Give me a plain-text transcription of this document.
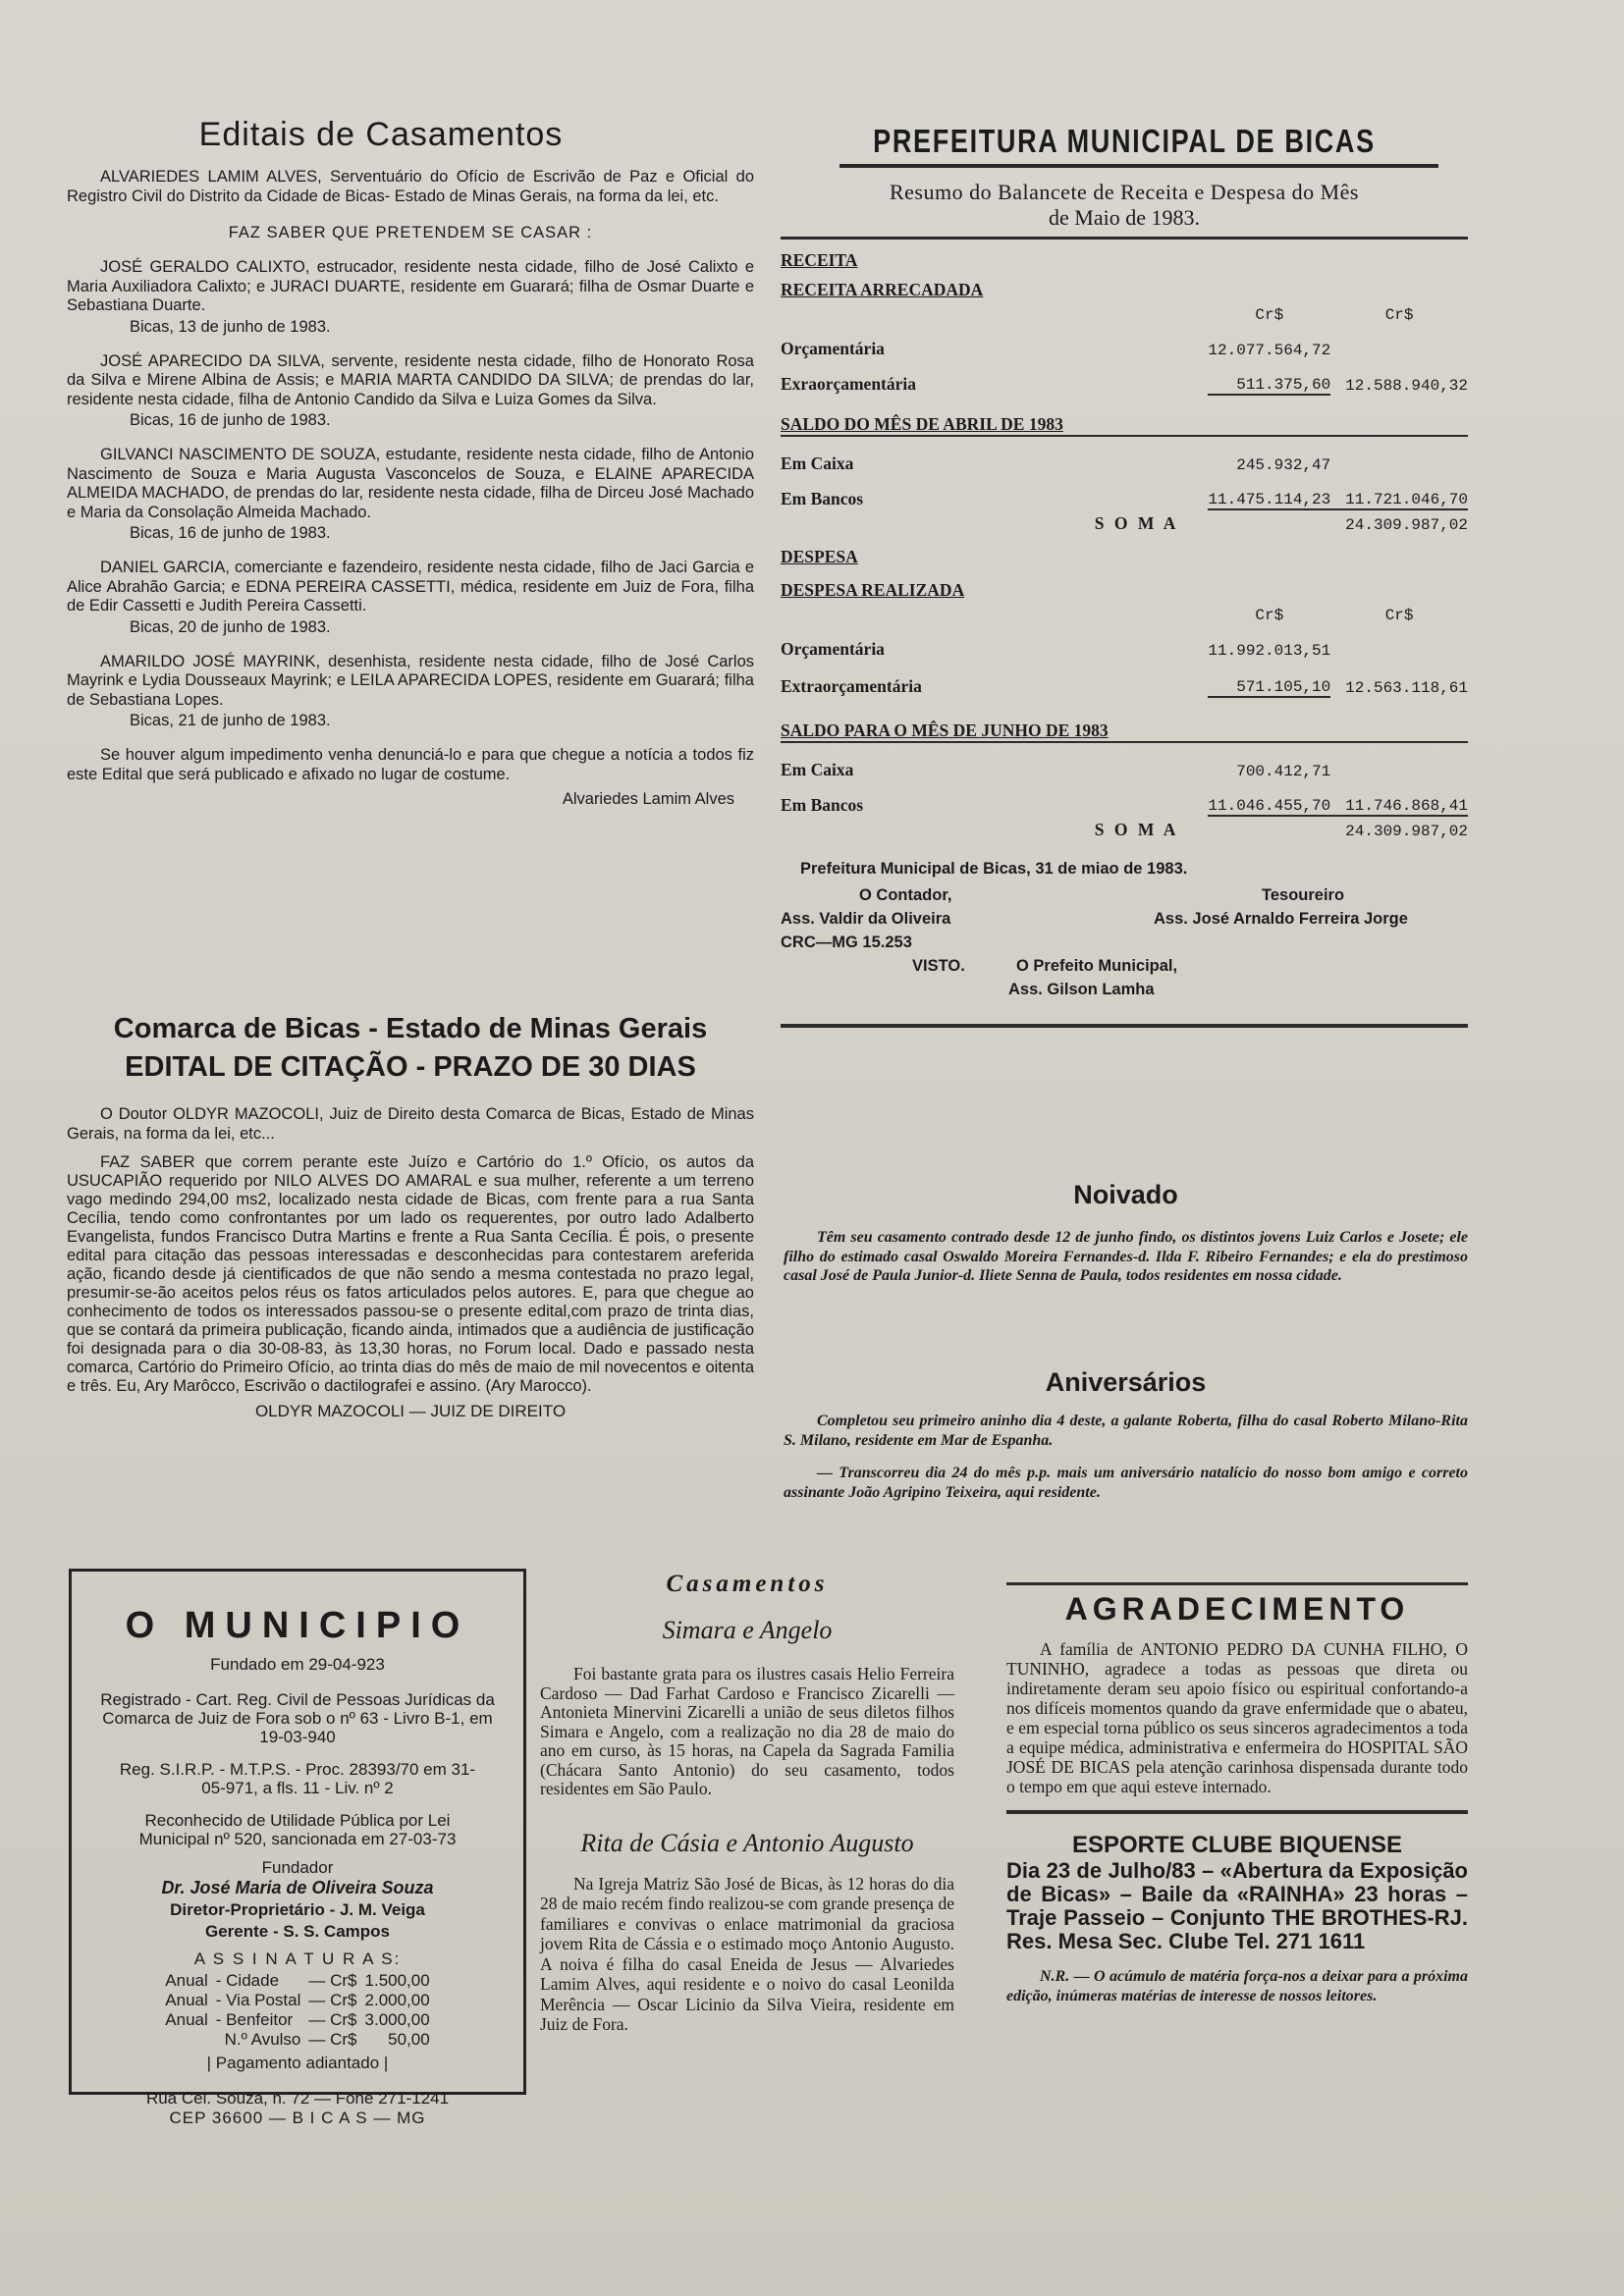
Editais de Casamentos

ALVARIEDES LAMIM ALVES, Serventuário do Ofício de Escrivão de Paz e Oficial do Registro Civil do Distrito da Cidade de Bicas- Estado de Minas Gerais, na forma da lei, etc.

FAZ SABER QUE PRETENDEM SE CASAR :

JOSÉ GERALDO CALIXTO, estrucador, residente nesta cidade, filho de José Calixto e Maria Auxiliadora Calixto; e JURACI DUARTE, residente em Guarará; filha de Osmar Duarte e Sebastiana Duarte.

Bicas, 13 de junho de 1983.

JOSÉ APARECIDO DA SILVA, servente, residente nesta cidade, filho de Honorato Rosa da Silva e Mirene Albina de Assis; e MARIA MARTA CANDIDO DA SILVA; de prendas do lar, residente nesta cidade, filha de Antonio Candido da Silva e Luiza Gomes da Silva.

Bicas, 16 de junho de 1983.

GILVANCI NASCIMENTO DE SOUZA, estudante, residente nesta cidade, filho de Antonio Nascimento de Souza e Maria Augusta Vasconcelos de Souza, e ELAINE APARECIDA ALMEIDA MACHADO, de prendas do lar, residente nesta cidade, filha de Dirceu José Machado e Maria da Consolação Almeida Machado.

Bicas, 16 de junho de 1983.

DANIEL GARCIA, comerciante e fazendeiro, residente nesta cidade, filho de Jaci Garcia e Alice Abrahão Garcia; e EDNA PEREIRA CASSETTI, médica, residente em Juiz de Fora, filha de Edir Cassetti e Judith Pereira Cassetti.

Bicas, 20 de junho de 1983.

AMARILDO JOSÉ MAYRINK, desenhista, residente nesta cidade, filho de José Carlos Mayrink e Lydia Dousseaux Mayrink; e LEILA APARECIDA LOPES, residente em Guarará; filha de Sebastiana Lopes.

Bicas, 21 de junho de 1983.

Se houver algum impedimento venha denunciá-lo e para que chegue a notícia a todos fiz este Edital que será publicado e afixado no lugar de costume.

Alvariedes Lamim Alves

Comarca de Bicas - Estado de Minas Gerais
EDITAL DE CITAÇÃO - PRAZO DE 30 DIAS

O Doutor OLDYR MAZOCOLI, Juiz de Direito desta Comarca de Bicas, Estado de Minas Gerais, na forma da lei, etc...

FAZ SABER que correm perante este Juízo e Cartório do 1.º Ofício, os autos da USUCAPIÃO requerido por NILO ALVES DO AMARAL e sua mulher, referente a um terreno vago medindo 294,00 ms2, localizado nesta cidade de Bicas, com frente para a rua Santa Cecília, tendo como confrontantes por um lado os requerentes, por outro lado Adalberto Evangelista, fundos Francisco Dutra Martins e frente a Rua Santa Cecília. É pois, o presente edital para citação das pessoas interessadas e desconhecidas para contestarem areferida ação, ficando desde já cientificados de que não sendo a mesma contestada no prazo legal, presumir-se-ão aceitos pelos réus os fatos articulados pelos autores. E, para que chegue ao conhecimento de todos os interessados passou-se o presente edital,com prazo de trinta dias, que se contará da primeira publicação, ficando ainda, intimados que a audiência de justificação foi designada para o dia 30-08-83, às 13,30 horas, no Forum local. Dado e passado nesta comarca, Cartório do Primeiro Ofício, ao trinta dias do mês de maio de mil novecentos e oitenta e três. Eu, Ary Marôcco, Escrivão o dactilografei e assino. (Ary Marocco).

OLDYR MAZOCOLI — JUIZ DE DIREITO

PREFEITURA MUNICIPAL DE BICAS

Resumo do Balancete de Receita e Despesa do Mês

de Maio de 1983.

RECEITA		
RECEITA ARRECADADA		
	Cr$	Cr$
Orçamentária	12.077.564,72	
Exraorçamentária	511.375,60	12.588.940,32
SALDO DO MÊS DE ABRIL DE 1983		

Em Caixa	245.932,47	
Em Bancos	11.475.114,23	11.721.046,70
S O M A	24.309.987,02	
DESPESA		
DESPESA REALIZADA		
	Cr$	Cr$
Orçamentária	11.992.013,51	
Extraorçamentária	571.105,10	12.563.118,61
SALDO PARA O MÊS DE JUNHO DE 1983		

Em Caixa	700.412,71	
Em Bancos	11.046.455,70	11.746.868,41
S O M A	24.309.987,02	

Prefeitura Municipal de Bicas, 31 de miao de 1983.

O Contador,
Ass. Valdir da Oliveira
CRC—MG 15.253
Tesoureiro
Ass. José Arnaldo Ferreira Jorge
VISTO.	O Prefeito Municipal,
Ass. Gilson Lamha
Noivado

Têm seu casamento contrado desde 12 de junho findo, os distintos jovens Luiz Carlos e Josete; ele filho do estimado casal Oswaldo Moreira Fernandes-d. Ilda F. Ribeiro Fernandes; e ela do prestimoso casal José de Paula Junior-d. Iliete Senna de Paula, todos residentes em nossa cidade.

Aniversários

Completou seu primeiro aninho dia 4 deste, a galante Roberta, filha do casal Roberto Milano-Rita S. Milano, residente em Mar de Espanha.

— Transcorreu dia 24 do mês p.p. mais um aniversário natalício do nosso bom amigo e correto assinante João Agripino Teixeira, aqui residente.

O MUNICIPIO
Fundado em 29-04-923

Registrado - Cart. Reg. Civil de Pessoas Jurídicas da Comarca de Juiz de Fora sob o nº 63 - Livro B-1, em 19-03-940

Reg. S.I.R.P. - M.T.P.S. - Proc. 28393/70 em 31-05-971, a fls. 11 - Liv. nº 2

Reconhecido de Utilidade Pública por Lei Municipal nº 520, sancionada em 27-03-73

Fundador
Dr. José Maria de Oliveira Souza
Diretor-Proprietário - J. M. Veiga
Gerente - S. S. Campos
A S S I N A T U R A S:
Anual	- Cidade	— Cr$	1.500,00
Anual	- Via Postal	— Cr$	2.000,00
Anual	- Benfeitor	— Cr$	3.000,00
	N.º Avulso	— Cr$	50,00
| Pagamento adiantado |
Rua Cel. Souza, n. 72 — Fone 271-1241
CEP 36600 — B I C A S — MG
Casamentos
Simara e Angelo

Foi bastante grata para os ilustres casais Helio Ferreira Cardoso — Dad Farhat Cardoso e Francisco Zicarelli — Antonieta Minervini Zicarelli a união de seus diletos filhos Simara e Angelo, com a realização no dia 28 de maio do ano em curso, às 15 horas, na Capela da Sagrada Familia (Chácara Santo Antonio) do seu casamento, todos residentes em São Paulo.

Rita de Cásia e Antonio Augusto

Na Igreja Matriz São José de Bicas, às 12 horas do dia 28 de maio recém findo realizou-se com grande presença de familiares e convivas o enlace matrimonial da graciosa jovem Rita de Cássia e o estimado moço Antonio Augusto. A noiva é filha do casal Eneida de Jesus — Alvariedes Lamim Alves, aqui residente e o noivo do casal Leonilda Merência — Oscar Licinio da Silva Vieira, residente em Juiz de Fora.

AGRADECIMENTO

A família de ANTONIO PEDRO DA CUNHA FILHO, O TUNINHO, agradece a todas as pessoas que direta ou indiretamente deram seu apoio físico ou espiritual confortando-a nos difíceis momentos quando da grave enfermidade que o abateu, e em especial torna público os seus sinceros agradecimentos a toda a equipe médica, administrativa e enfermeira do HOSPITAL SÃO JOSÉ DE BICAS pela atenção carinhosa dispensada durante todo o tempo em que aqui esteve internado.

ESPORTE CLUBE BIQUENSE

Dia 23 de Julho/83 – «Abertura da Exposição de Bicas» – Baile da «RAINHA» 23 horas – Traje Passeio – Conjunto THE BROTHES-RJ. Res. Mesa Sec. Clube Tel. 271 1611

N.R. — O acúmulo de matéria força-nos a deixar para a próxima edição, inúmeras matérias de interesse de nossos leitores.
